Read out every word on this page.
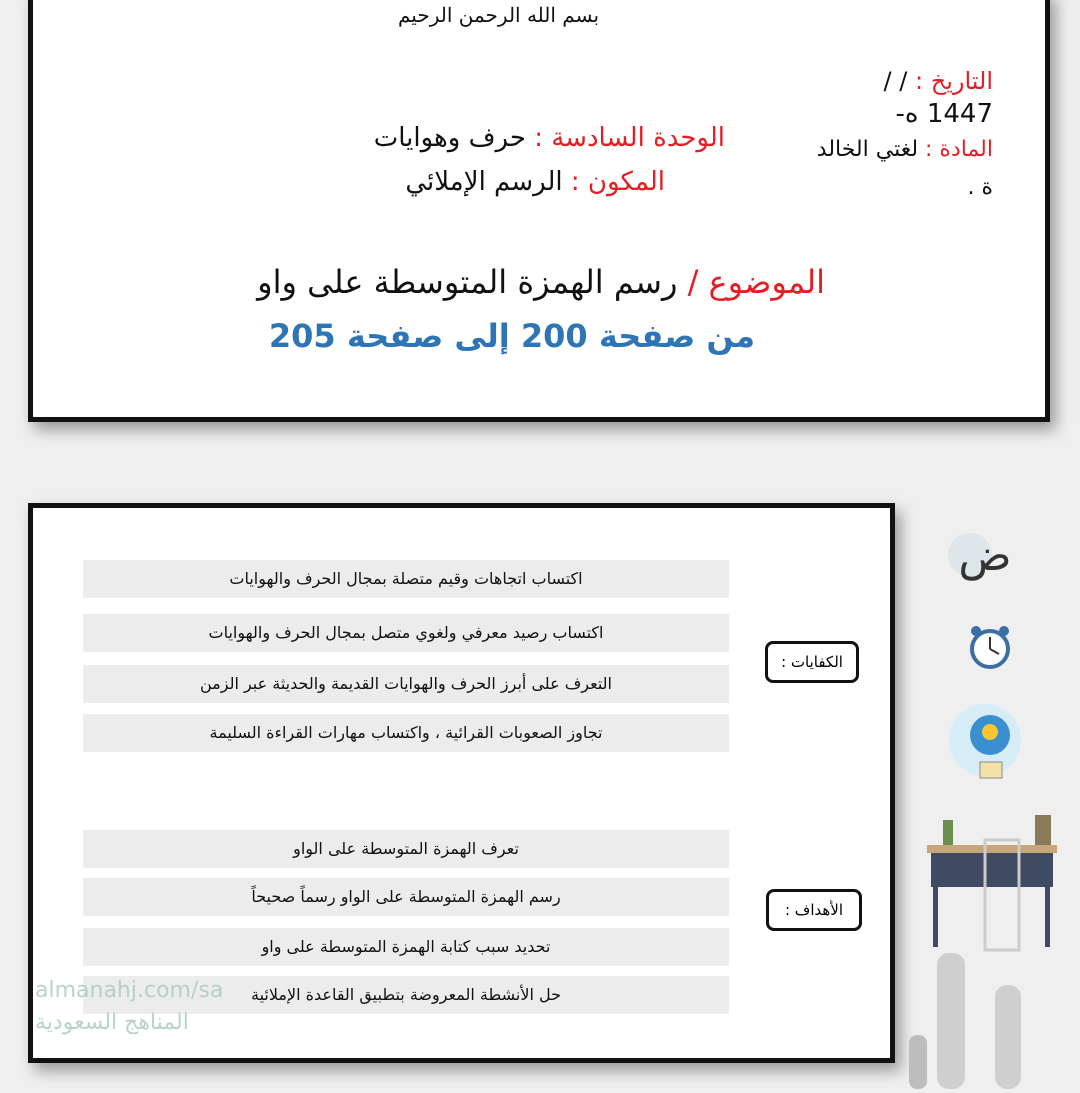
بسم الله الرحمن الرحيم
التاريخ : / /
1447 ه-
المادة : لغتي الخالد
ة .
الوحدة السادسة : حرف وهوايات
المكون : الرسم الإملائي
الموضوع / رسم الهمزة المتوسطة على واو
من صفحة 200 إلى صفحة 205
اكتساب اتجاهات وقيم متصلة بمجال الحرف والهوايات
اكتساب رصيد معرفي ولغوي متصل بمجال الحرف والهوايات
التعرف على أبرز الحرف والهوايات القديمة والحديثة عبر الزمن
تجاوز الصعوبات القرائية ، واكتساب مهارات القراءة السليمة
الكفايات :
تعرف الهمزة المتوسطة على الواو
رسم الهمزة المتوسطة على الواو رسماً صحيحاً
تحديد سبب كتابة الهمزة المتوسطة على واو
حل الأنشطة المعروضة بتطبيق القاعدة الإملائية
الأهداف :
almanahj.com/sa
المناهج السعودية
ض
